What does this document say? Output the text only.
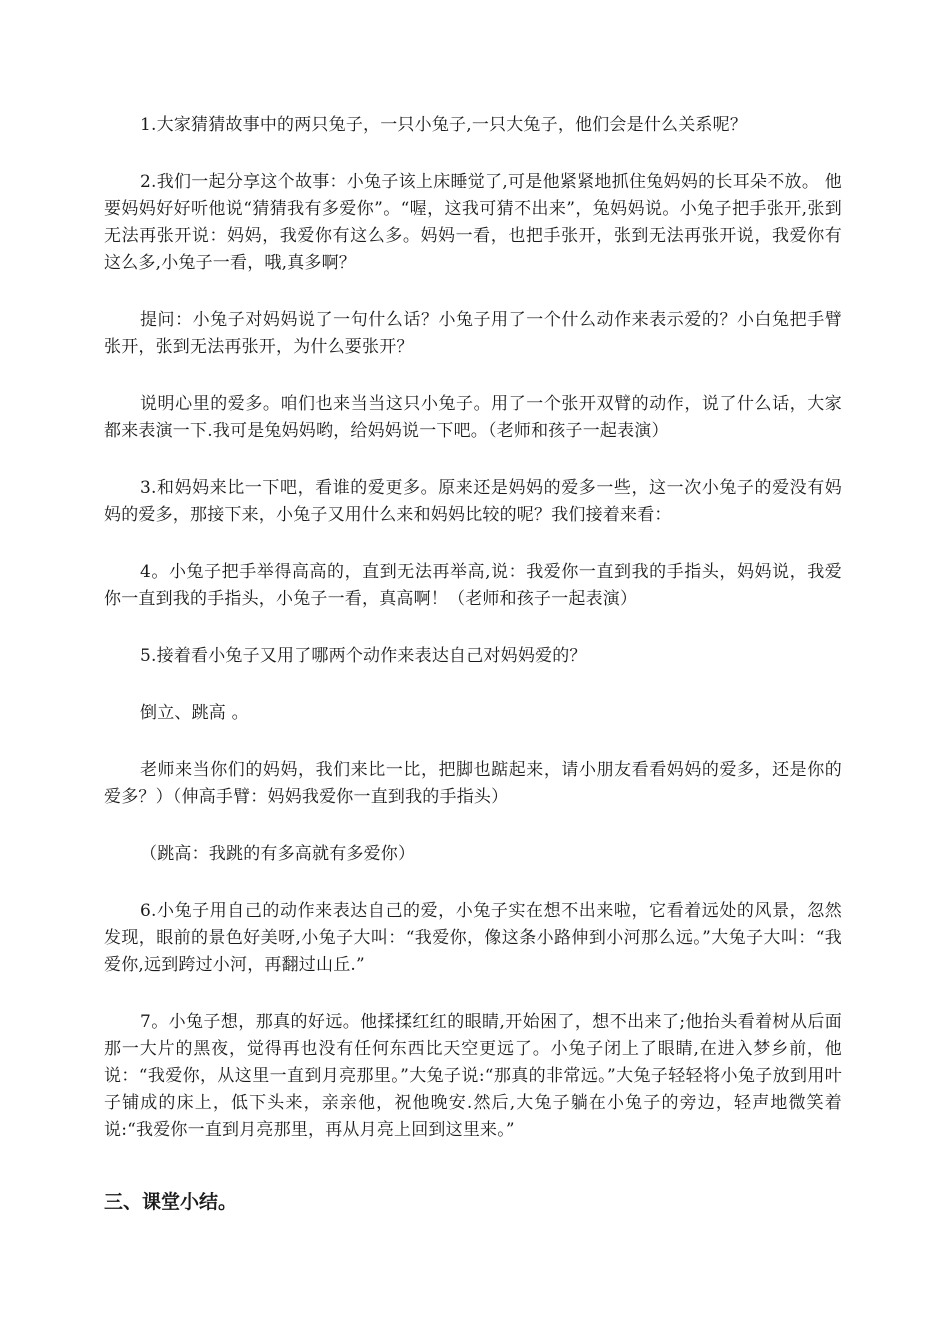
1.大家猜猜故事中的两只兔子，一只小兔子,一只大兔子，他们会是什么关系呢？

2.我们一起分享这个故事：小兔子该上床睡觉了,可是他紧紧地抓住兔妈妈的长耳朵不放。 他要妈妈好好听他说“猜猜我有多爱你”。“喔，这我可猜不出来”，兔妈妈说。小兔子把手张开,张到无法再张开说：妈妈，我爱你有这么多。妈妈一看，也把手张开，张到无法再张开说，我爱你有这么多,小兔子一看，哦,真多啊？

提问：小兔子对妈妈说了一句什么话？小兔子用了一个什么动作来表示爱的？小白兔把手臂张开，张到无法再张开，为什么要张开？

说明心里的爱多。咱们也来当当这只小兔子。用了一个张开双臂的动作，说了什么话，大家都来表演一下.我可是兔妈妈哟，给妈妈说一下吧。（老师和孩子一起表演）

3.和妈妈来比一下吧，看谁的爱更多。原来还是妈妈的爱多一些，这一次小兔子的爱没有妈妈的爱多，那接下来，小兔子又用什么来和妈妈比较的呢？我们接着来看：

4。小兔子把手举得高高的，直到无法再举高,说：我爱你一直到我的手指头，妈妈说，我爱你一直到我的手指头，小兔子一看，真高啊！（老师和孩子一起表演）

5.接着看小兔子又用了哪两个动作来表达自己对妈妈爱的？

倒立、跳高 。

老师来当你们的妈妈，我们来比一比，把脚也踮起来，请小朋友看看妈妈的爱多，还是你的爱多？）（伸高手臂：妈妈我爱你一直到我的手指头）

（跳高：我跳的有多高就有多爱你）

6.小兔子用自己的动作来表达自己的爱，小兔子实在想不出来啦，它看着远处的风景，忽然发现，眼前的景色好美呀,小兔子大叫：“我爱你，像这条小路伸到小河那么远。”大兔子大叫：“我爱你,远到跨过小河，再翻过山丘.”

7。小兔子想，那真的好远。他揉揉红红的眼睛,开始困了，想不出来了;他抬头看着树从后面那一大片的黑夜，觉得再也没有任何东西比天空更远了。小兔子闭上了眼睛,在进入梦乡前，他说：“我爱你，从这里一直到月亮那里。”大兔子说:“那真的非常远。”大兔子轻轻将小兔子放到用叶子铺成的床上，低下头来，亲亲他，祝他晚安.然后,大兔子躺在小兔子的旁边，轻声地微笑着说:“我爱你一直到月亮那里，再从月亮上回到这里来。”

三、课堂小结。
